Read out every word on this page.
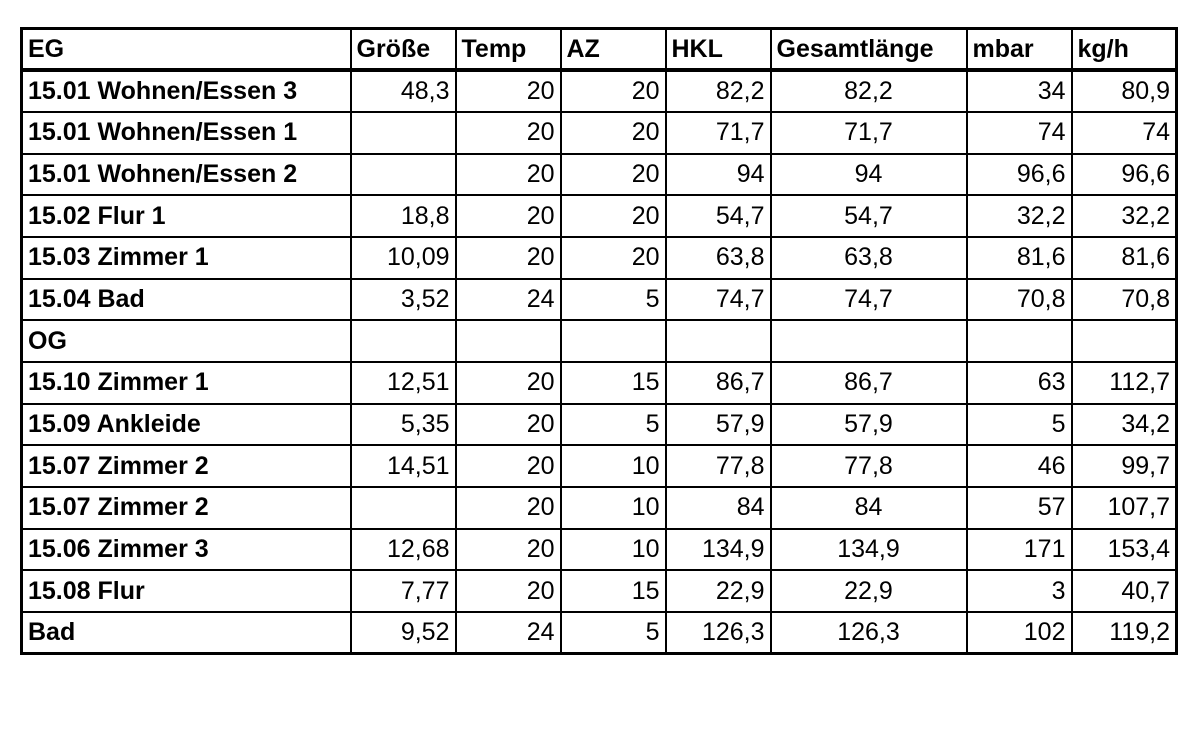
EG	Größe	Temp	AZ	HKL	Gesamtlänge	mbar	kg/h
15.01 Wohnen/Essen 3	48,3	20	20	82,2	82,2	34	80,9
15.01 Wohnen/Essen 1		20	20	71,7	71,7	74	74
15.01 Wohnen/Essen 2		20	20	94	94	96,6	96,6
15.02 Flur 1	18,8	20	20	54,7	54,7	32,2	32,2
15.03 Zimmer 1	10,09	20	20	63,8	63,8	81,6	81,6
15.04 Bad	3,52	24	5	74,7	74,7	70,8	70,8
OG							
15.10 Zimmer 1	12,51	20	15	86,7	86,7	63	112,7
15.09 Ankleide	5,35	20	5	57,9	57,9	5	34,2
15.07 Zimmer 2	14,51	20	10	77,8	77,8	46	99,7
15.07 Zimmer 2		20	10	84	84	57	107,7
15.06 Zimmer 3	12,68	20	10	134,9	134,9	171	153,4
15.08 Flur	7,77	20	15	22,9	22,9	3	40,7
Bad	9,52	24	5	126,3	126,3	102	119,2
